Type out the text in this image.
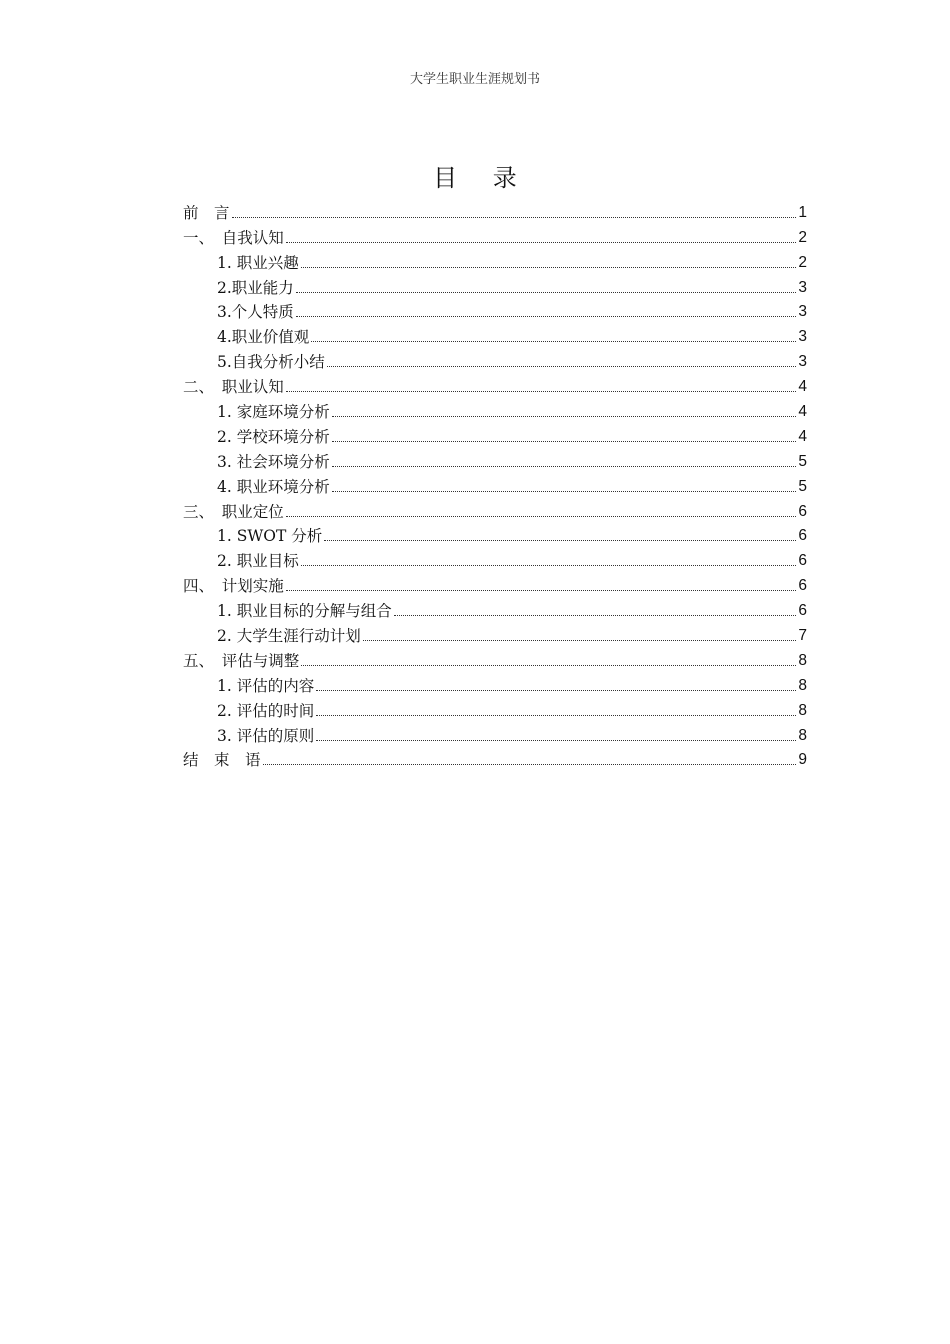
大学生职业生涯规划书
目 录
前　言	1
一、　自我认知	2
1. 职业兴趣	2
2.职业能力	3
3.个人特质	3
4.职业价值观	3
5.自我分析小结	3
二、　职业认知	4
1. 家庭环境分析	4
2. 学校环境分析	4
3. 社会环境分析	5
4. 职业环境分析	5
三、　职业定位	6
1. SWOT 分析	6
2. 职业目标	6
四、　计划实施	6
1. 职业目标的分解与组合	6
2. 大学生涯行动计划	7
五、　评估与调整	8
1. 评估的内容	8
2. 评估的时间	8
3. 评估的原则	8
结　束　语	9
